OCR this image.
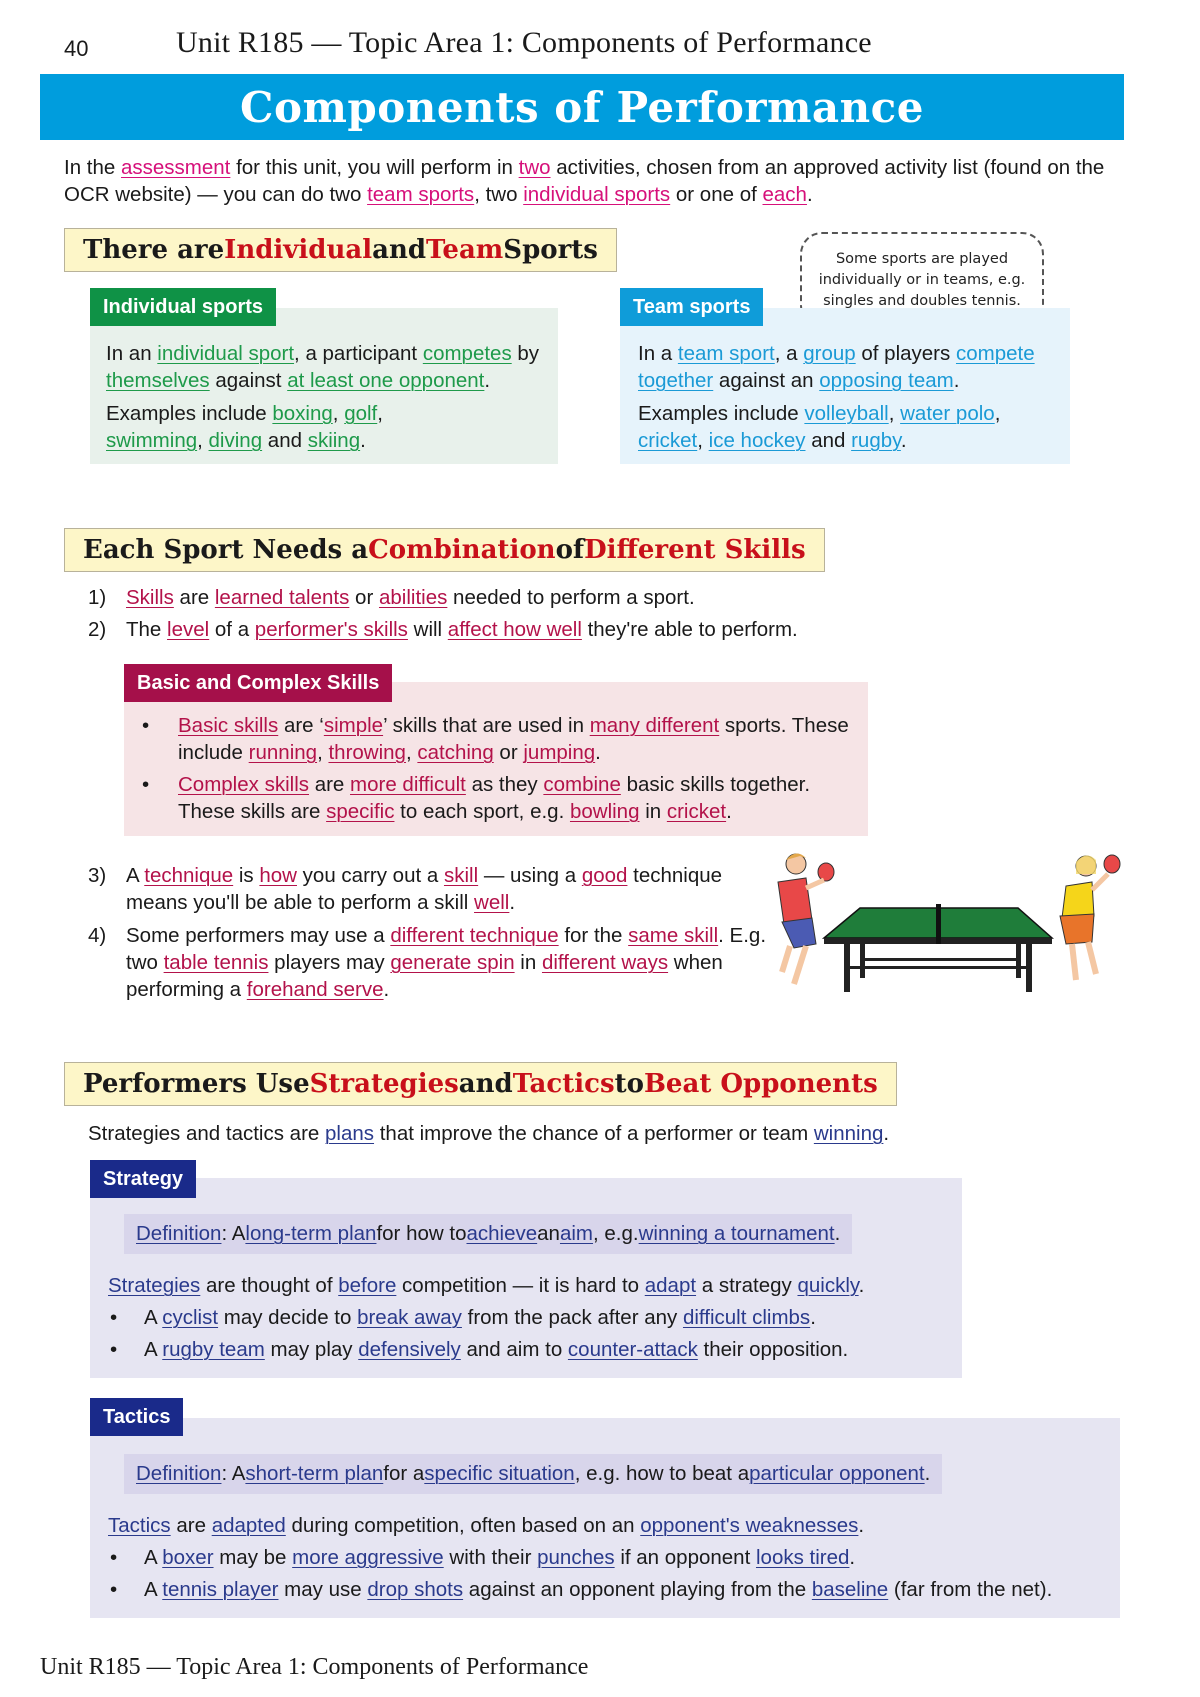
40	Unit R185 — Topic Area 1: Components of Performance
Components of Performance
In the assessment for this unit, you will perform in two activities, chosen from an approved activity list (found on the OCR website) — you can do two team sports, two individual sports or one of each.
There are Individual and Team Sports	Some sports are played individually or in teams, e.g. singles and doubles tennis.
Individual sports
In an individual sport, a participant competes by themselves against at least one opponent.
Examples include boxing, golf,
swimming, diving and skiing.
Team sports
In a team sport, a group of players compete together against an opposing team.
Examples include volleyball, water polo,
cricket, ice hockey and rugby.
Each Sport Needs a Combination of Different Skills
1) Skills are learned talents or abilities needed to perform a sport.
2) The level of a performer's skills will affect how well they're able to perform.
Basic and Complex Skills
• Basic skills are ‘simple’ skills that are used in many different sports. These include running, throwing, catching or jumping.
• Complex skills are more difficult as they combine basic skills together. These skills are specific to each sport, e.g. bowling in cricket.
3) A technique is how you carry out a skill — using a good technique means you'll be able to perform a skill well.
4) Some performers may use a different technique for the same skill. E.g. two table tennis players may generate spin in different ways when performing a forehand serve.
Performers Use Strategies and Tactics to Beat Opponents
Strategies and tactics are plans that improve the chance of a performer or team winning.
Strategy
Definition : A long-term plan for how to achieve an aim , e.g. winning a tournament .
Strategies are thought of before competition — it is hard to adapt a strategy quickly.
• A cyclist may decide to break away from the pack after any difficult climbs.
• A rugby team may play defensively and aim to counter-attack their opposition.
Tactics
Definition : A short-term plan for a specific situation , e.g. how to beat a particular opponent .
Tactics are adapted during competition, often based on an opponent's weaknesses.
• A boxer may be more aggressive with their punches if an opponent looks tired.
• A tennis player may use drop shots against an opponent playing from the baseline (far from the net).
Unit R185 — Topic Area 1: Components of Performance
